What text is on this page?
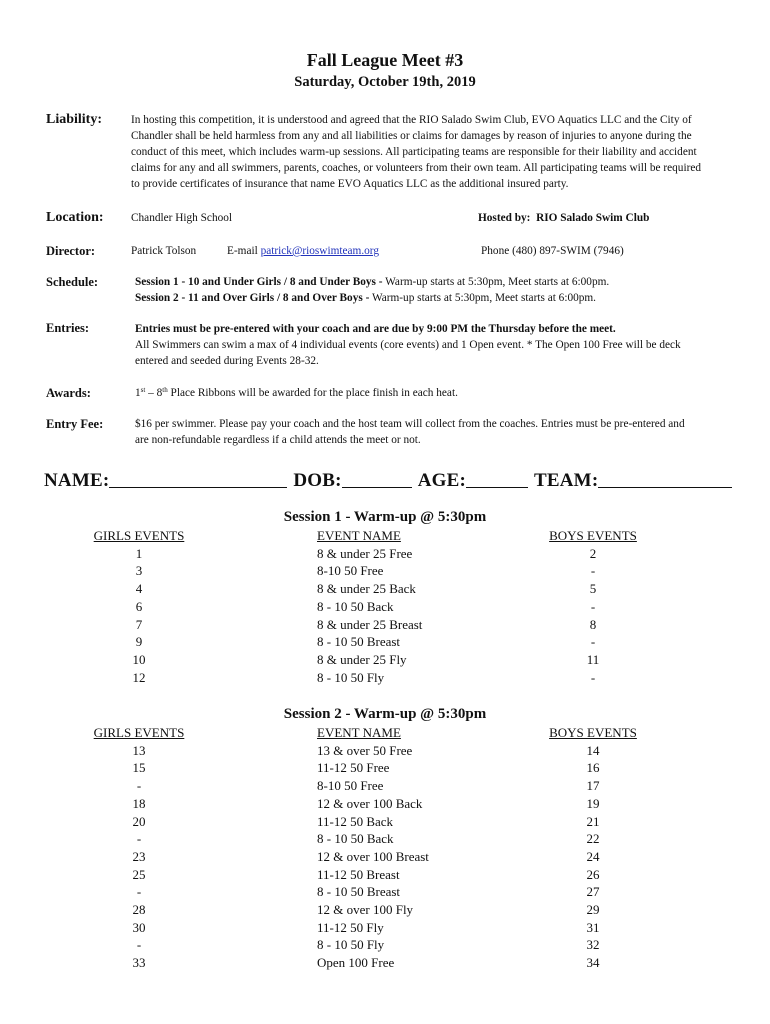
Fall League Meet #3
Saturday, October 19th, 2019
Liability:	In hosting this competition, it is understood and agreed that the RIO Salado Swim Club, EVO Aquatics LLC and the City of
Chandler shall be held harmless from any and all liabilities or claims for damages by reason of injuries to anyone during the
conduct of this meet, which includes warm-up sessions. All participating teams are responsible for their liability and accident
claims for any and all swimmers, parents, coaches, or volunteers from their own team. All participating teams will be required
to provide certificates of insurance that name EVO Aquatics LLC as the additional insured party.
Location: Chandler High School	Hosted by: RIO Salado Swim Club
Director:	Patrick Tolson	E-mail patrick@rioswimteam.org	Phone (480) 897-SWIM (7946)
Schedule:	Session 1 - 10 and Under Girls / 8 and Under Boys - Warm-up starts at 5:30pm, Meet starts at 6:00pm.
Session 2 - 11 and Over Girls / 8 and Over Boys - Warm-up starts at 5:30pm, Meet starts at 6:00pm.
Entries:	Entries must be pre-entered with your coach and are due by 9:00 PM the Thursday before the meet.
All Swimmers can swim a max of 4 individual events (core events) and 1 Open event. * The Open 100 Free will be deck
entered and seeded during Events 28-32.
Awards:	1st – 8th Place Ribbons will be awarded for the place finish in each heat.
Entry Fee:	$16 per swimmer. Please pay your coach and the host team will collect from the coaches. Entries must be pre-entered and
are non-refundable regardless if a child attends the meet or not.
NAME:	DOB:	AGE:	TEAM:
Session 1 - Warm-up @ 5:30pm
GIRLS EVENTS	EVENT NAME	BOYS EVENTS
1	8 & under 25 Free	2
3	8-10 50 Free	-
4	8 & under 25 Back	5
6	8 - 10 50 Back	-
7	8 & under 25 Breast	8
9	8 - 10 50 Breast	-
10	8 & under 25 Fly	11
12	8 - 10 50 Fly	-
Session 2 - Warm-up @ 5:30pm
GIRLS EVENTS	EVENT NAME	BOYS EVENTS
13	13 & over 50 Free	14
15	11-12 50 Free	16
-	8-10 50 Free	17
18	12 & over 100 Back	19
20	11-12 50 Back	21
-	8 - 10 50 Back	22
23	12 & over 100 Breast	24
25	11-12 50 Breast	26
-	8 - 10 50 Breast	27
28	12 & over 100 Fly	29
30	11-12 50 Fly	31
-	8 - 10 50 Fly	32
33	Open 100 Free	34
